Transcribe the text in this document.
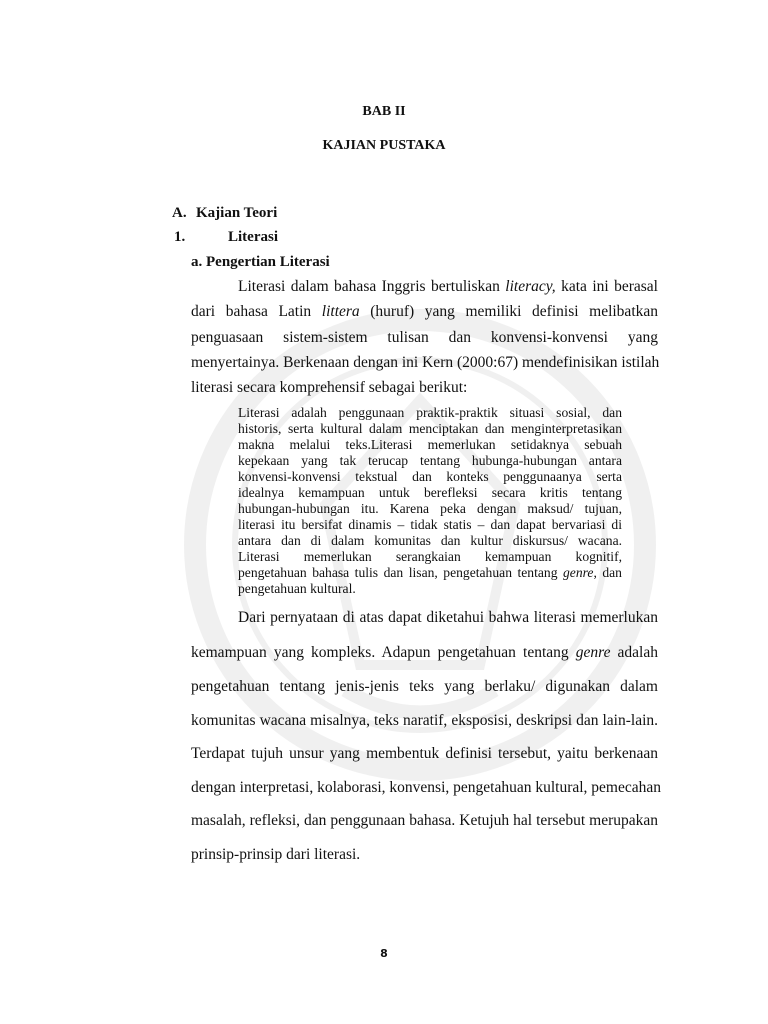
BAB II
KAJIAN PUSTAKA
A. Kajian Teori
1.	Literasi
a. Pengertian Literasi
Literasi dalam bahasa Inggris bertuliskan literacy, kata ini berasal
dari bahasa Latin littera (huruf) yang memiliki definisi melibatkan
penguasaan sistem-sistem tulisan dan konvensi-konvensi yang
menyertainya. Berkenaan dengan ini Kern (2000:67) mendefinisikan istilah
literasi secara komprehensif sebagai berikut:
Literasi adalah penggunaan praktik-praktik situasi sosial, dan
historis, serta kultural dalam menciptakan dan menginterpretasikan
makna melalui teks.Literasi memerlukan setidaknya sebuah
kepekaan yang tak terucap tentang hubunga-hubungan antara
konvensi-konvensi tekstual dan konteks penggunaanya serta
idealnya kemampuan untuk berefleksi secara kritis tentang
hubungan-hubungan itu. Karena peka dengan maksud/ tujuan,
literasi itu bersifat dinamis – tidak statis – dan dapat bervariasi di
antara dan di dalam komunitas dan kultur diskursus/ wacana.
Literasi memerlukan serangkaian kemampuan kognitif,
pengetahuan bahasa tulis dan lisan, pengetahuan tentang genre, dan
pengetahuan kultural.
Dari pernyataan di atas dapat diketahui bahwa literasi memerlukan
kemampuan yang kompleks. Adapun pengetahuan tentang genre adalah
pengetahuan tentang jenis-jenis teks yang berlaku/ digunakan dalam
komunitas wacana misalnya, teks naratif, eksposisi, deskripsi dan lain-lain.
Terdapat tujuh unsur yang membentuk definisi tersebut, yaitu berkenaan
dengan interpretasi, kolaborasi, konvensi, pengetahuan kultural, pemecahan
masalah, refleksi, dan penggunaan bahasa. Ketujuh hal tersebut merupakan
prinsip-prinsip dari literasi.
8
